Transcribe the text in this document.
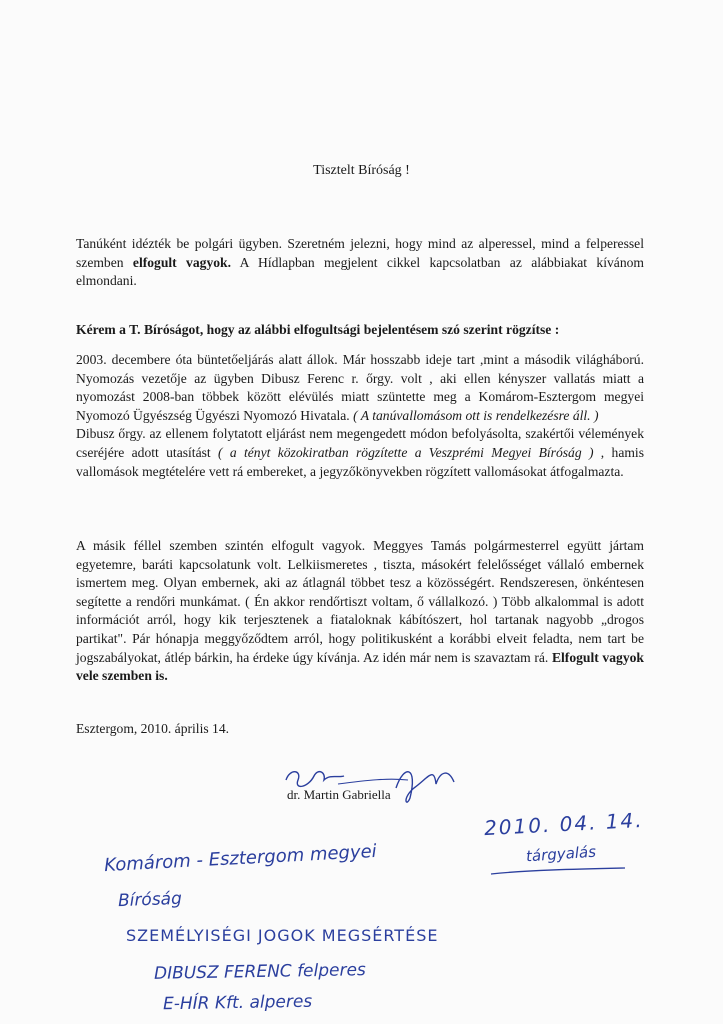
Tisztelt Bíróság !

Tanúként idézték be polgári ügyben. Szeretném jelezni, hogy mind az alperessel, mind a felperessel szemben elfogult vagyok. A Hídlapban megjelent cikkel kapcsolatban az alábbiakat kívánom elmondani.

Kérem a T. Bíróságot, hogy az alábbi elfogultsági bejelentésem szó szerint rögzítse :

2003. decembere óta büntetőeljárás alatt állok. Már hosszabb ideje tart ,mint a második világháború. Nyomozás vezetője az ügyben Dibusz Ferenc r. őrgy. volt , aki ellen kényszer vallatás miatt a nyomozást 2008-ban többek között elévülés miatt szüntette meg a Komárom-Esztergom megyei Nyomozó Ügyészség Ügyészi Nyomozó Hivatala. ( A tanúvallomásom ott is rendelkezésre áll. )
Dibusz őrgy. az ellenem folytatott eljárást nem megengedett módon befolyásolta, szakértői vélemények cseréjére adott utasítást ( a tényt közokiratban rögzítette a Veszprémi Megyei Bíróság ) , hamis vallomások megtételére vett rá embereket, a jegyzőkönyvekben rögzített vallomásokat átfogalmazta.

A másik féllel szemben szintén elfogult vagyok. Meggyes Tamás polgármesterrel együtt jártam egyetemre, baráti kapcsolatunk volt. Lelkiismeretes , tiszta, másokért felelősséget vállaló embernek ismertem meg. Olyan embernek, aki az átlagnál többet tesz a közösségért. Rendszeresen, önkéntesen segítette a rendőri munkámat. ( Én akkor rendőrtiszt voltam, ő vállalkozó. ) Több alkalommal is adott információt arról, hogy kik terjesztenek a fiataloknak kábítószert, hol tartanak nagyobb „drogos partikat". Pár hónapja meggyőződtem arról, hogy politikusként a korábbi elveit feladta, nem tart be jogszabályokat, átlép bárkin, ha érdeke úgy kívánja. Az idén már nem is szavaztam rá. Elfogult vagyok vele szemben is.

Esztergom, 2010. április 14.

dr. Martin Gabriella

2010. 04. 14.

tárgyalás

Komárom - Esztergom megyei

Bíróság

SZEMÉLYISÉGI JOGOK MEGSÉRTÉSE

DIBUSZ FERENC felperes

E-HÍR Kft. alperes
